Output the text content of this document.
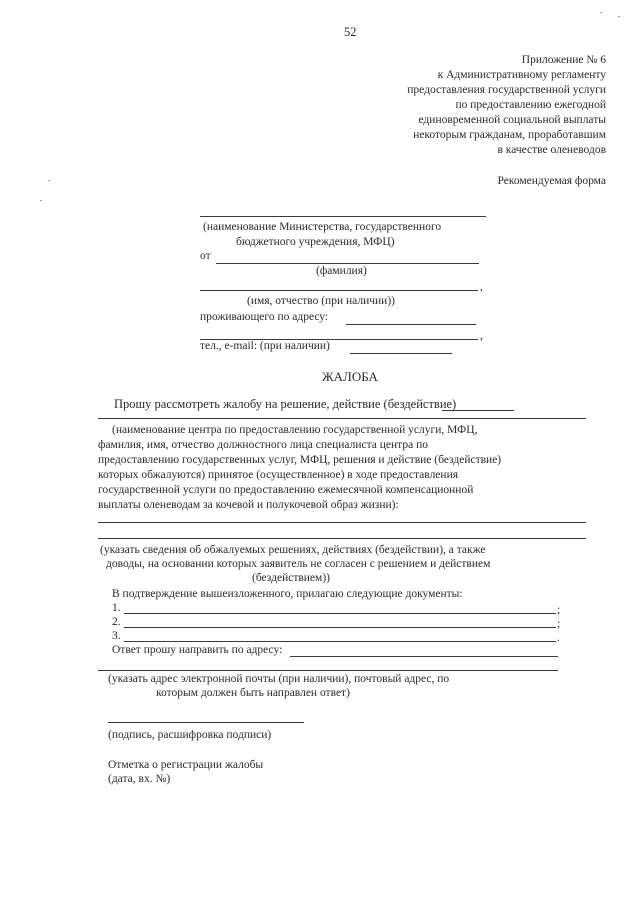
52
Приложение № 6
к Административному регламенту
предоставления государственной услуги
по предоставлению ежегодной
единовременной социальной выплаты
некоторым гражданам, проработавшим
в качестве оленеводов
Рекомендуемая форма
(наименование Министерства, государственного
бюджетного учреждения, МФЦ)
от
(фамилия)
,
(имя, отчество (при наличии))
проживающего по адресу:
,
тел., e-mail: (при наличии)
ЖАЛОБА
Прошу рассмотреть жалобу на решение, действие (бездействие)
(наименование центра по предоставлению государственной услуги, МФЦ,
фамилия, имя, отчество должностного лица специалиста центра по
предоставлению государственных услуг, МФЦ, решения и действие (бездействие)
которых обжалуются) принятое (осуществленное) в ходе предоставления
государственной услуги по предоставлению ежемесячной компенсационной
выплаты оленеводам за кочевой и полукочевой образ жизни):
(указать сведения об обжалуемых решениях, действиях (бездействии), а также
доводы, на основании которых заявитель не согласен с решением и действием
(бездействием))
В подтверждение вышеизложенного, прилагаю следующие документы:
1.	;
2.	;
3.	.
Ответ прошу направить по адресу:
(указать адрес электронной почты (при наличии), почтовый адрес, по
которым должен быть направлен ответ)
(подпись, расшифровка подписи)
Отметка о регистрации жалобы
(дата, вх. №)
